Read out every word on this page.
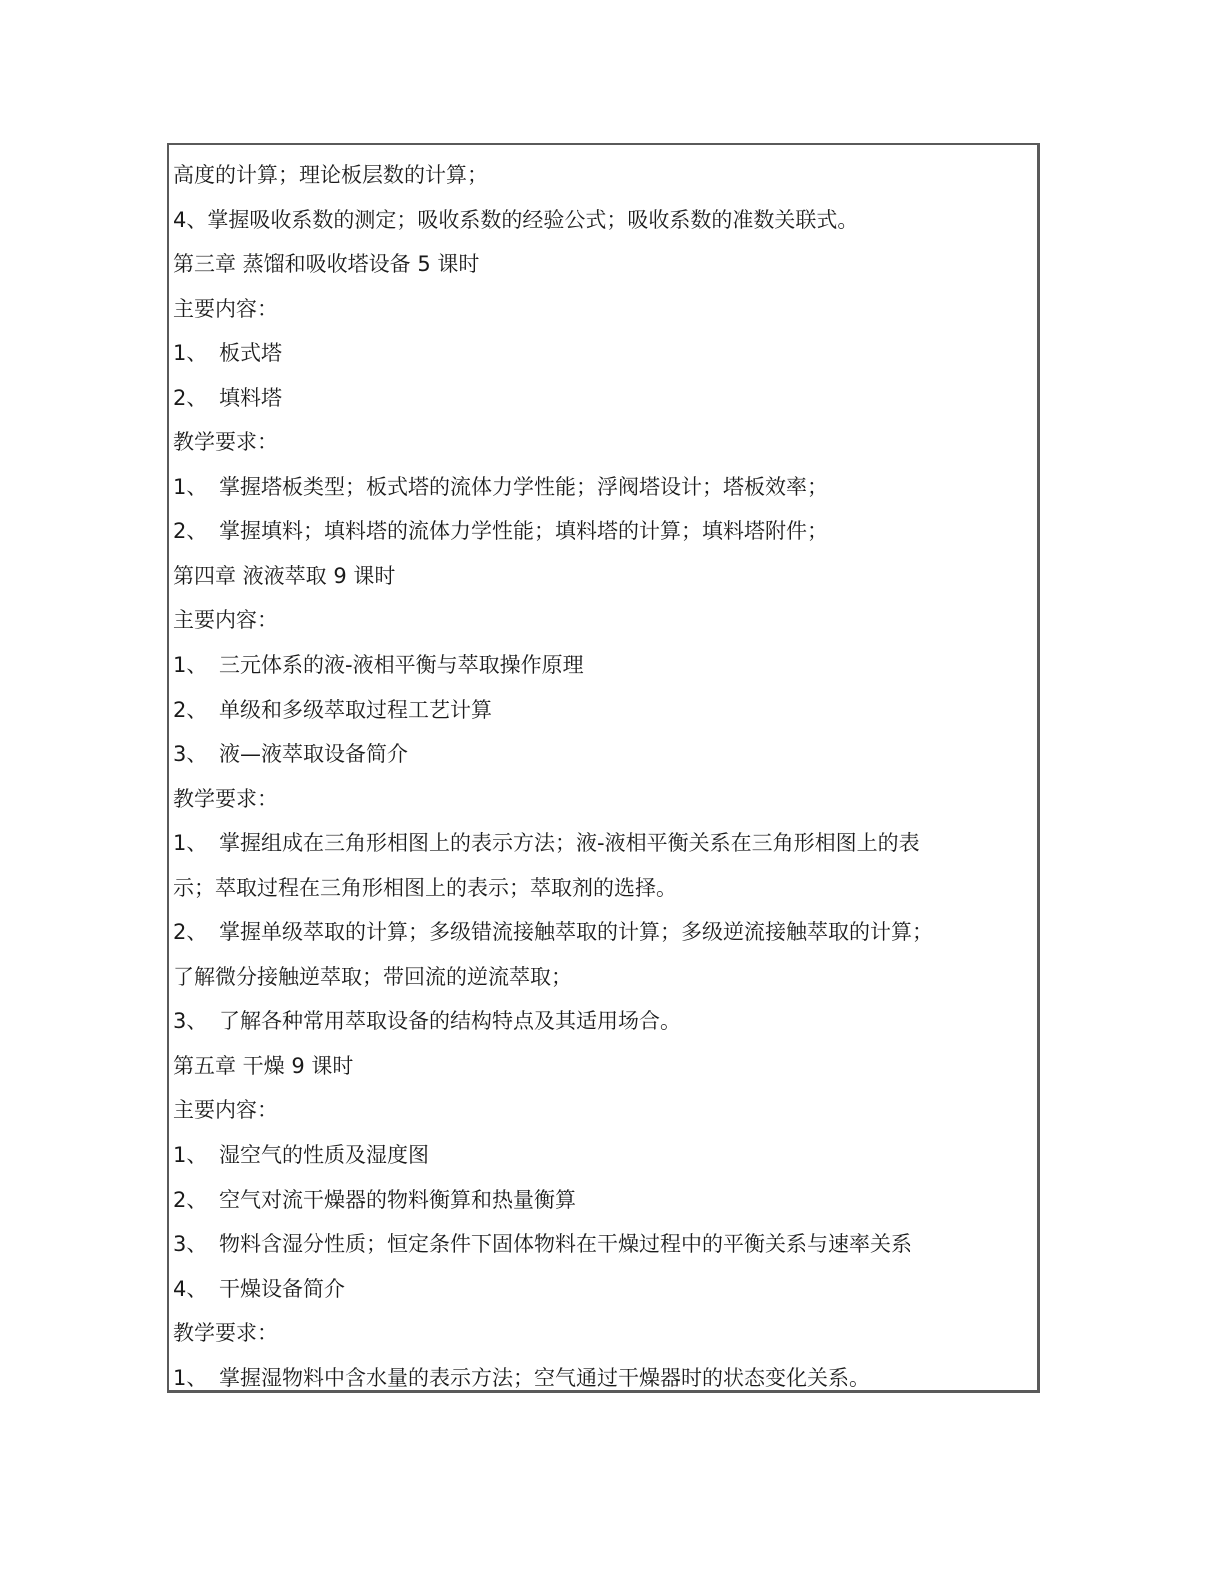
高度的计算；理论板层数的计算；
4、掌握吸收系数的测定；吸收系数的经验公式；吸收系数的准数关联式。
第三章 蒸馏和吸收塔设备 5 课时
主要内容：
1、 板式塔
2、 填料塔
教学要求：
1、 掌握塔板类型；板式塔的流体力学性能；浮阀塔设计；塔板效率；
2、 掌握填料；填料塔的流体力学性能；填料塔的计算；填料塔附件；
第四章 液液萃取 9 课时
主要内容：
1、 三元体系的液-液相平衡与萃取操作原理
2、 单级和多级萃取过程工艺计算
3、 液—液萃取设备简介
教学要求：
1、 掌握组成在三角形相图上的表示方法；液-液相平衡关系在三角形相图上的表
示；萃取过程在三角形相图上的表示；萃取剂的选择。
2、 掌握单级萃取的计算；多级错流接触萃取的计算；多级逆流接触萃取的计算；
了解微分接触逆萃取；带回流的逆流萃取；
3、 了解各种常用萃取设备的结构特点及其适用场合。
第五章 干燥 9 课时
主要内容：
1、 湿空气的性质及湿度图
2、 空气对流干燥器的物料衡算和热量衡算
3、 物料含湿分性质；恒定条件下固体物料在干燥过程中的平衡关系与速率关系
4、 干燥设备简介
教学要求：
1、 掌握湿物料中含水量的表示方法；空气通过干燥器时的状态变化关系。
